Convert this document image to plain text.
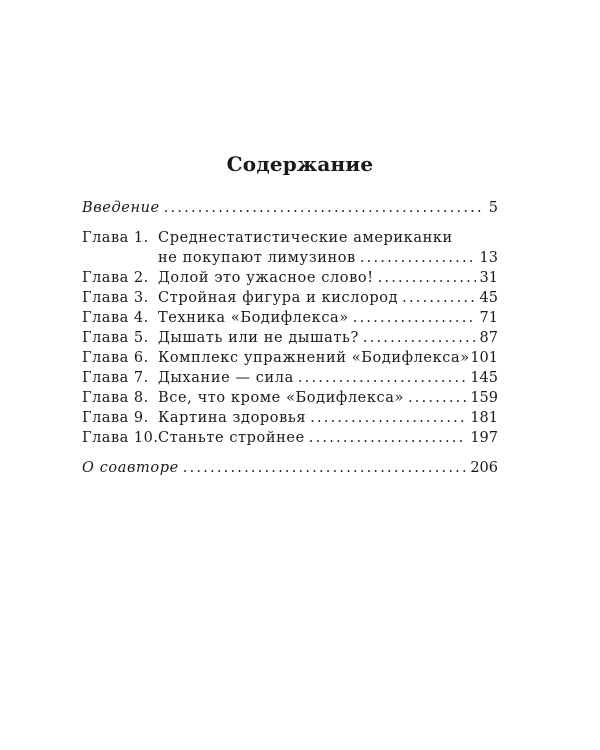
Содержание
Введение .....	5
Глава 1. Среднестатистические американки
не покупают лимузинов .....	13
Глава 2. Долой это ужасное слово! .....	31
Глава 3. Стройная фигура и кислород .....	45
Глава 4. Техника «Бодифлекса» .....	71
Глава 5. Дышать или не дышать? .....	87
Глава 6. Комплекс упражнений «Бодифлекса» 101
Глава 7. Дыхание — сила .....	145
Глава 8. Все, что кроме «Бодифлекса» .....	159
Глава 9. Картина здоровья .....	181
Глава 10. Станьте стройнее .....	197
О соавторе .....	206
